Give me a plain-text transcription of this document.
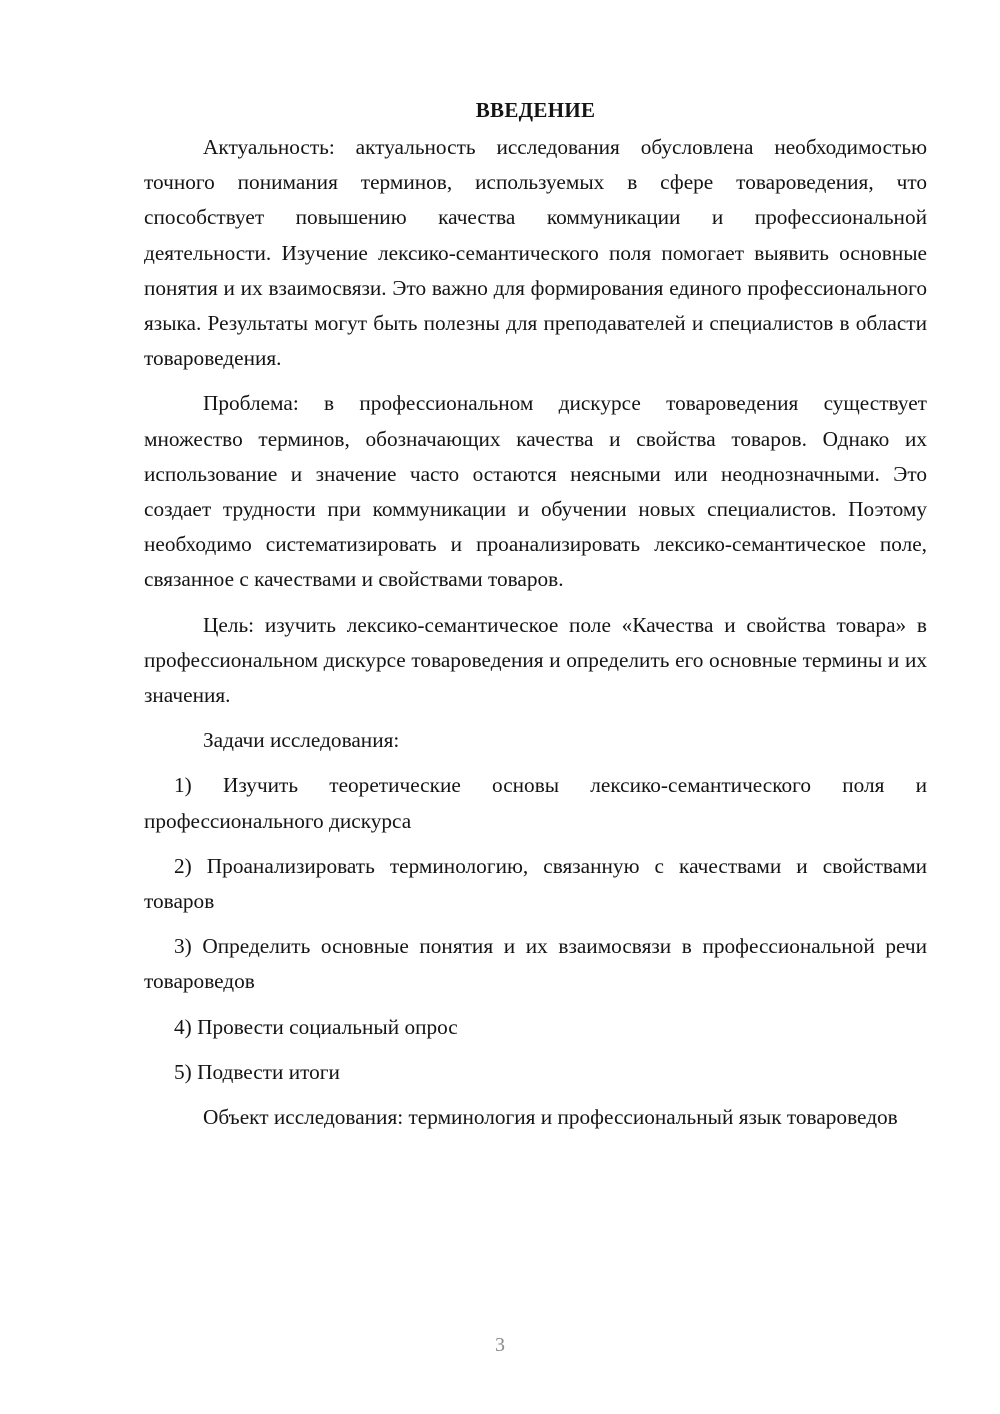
ВВЕДЕНИЕ

Актуальность: актуальность исследования обусловлена необходимостью точного понимания терминов, используемых в сфере товароведения, что способствует повышению качества коммуникации и профессиональной деятельности. Изучение лексико-семантического поля помогает выявить основные понятия и их взаимосвязи. Это важно для формирования единого профессионального языка. Результаты могут быть полезны для преподавателей и специалистов в области товароведения.

Проблема: в профессиональном дискурсе товароведения существует множество терминов, обозначающих качества и свойства товаров. Однако их использование и значение часто остаются неясными или неоднозначными. Это создает трудности при коммуникации и обучении новых специалистов. Поэтому необходимо систематизировать и проанализировать лексико-семантическое поле, связанное с качествами и свойствами товаров.

Цель: изучить лексико-семантическое поле «Качества и свойства товара» в профессиональном дискурсе товароведения и определить его основные термины и их значения.

Задачи исследования:

1) Изучить теоретические основы лексико-семантического поля и профессионального дискурса

2) Проанализировать терминологию, связанную с качествами и свойствами товаров

3) Определить основные понятия и их взаимосвязи в профессиональной речи товароведов

4) Провести социальный опрос

5) Подвести итоги

Объект исследования: терминология и профессиональный язык товароведов

3
